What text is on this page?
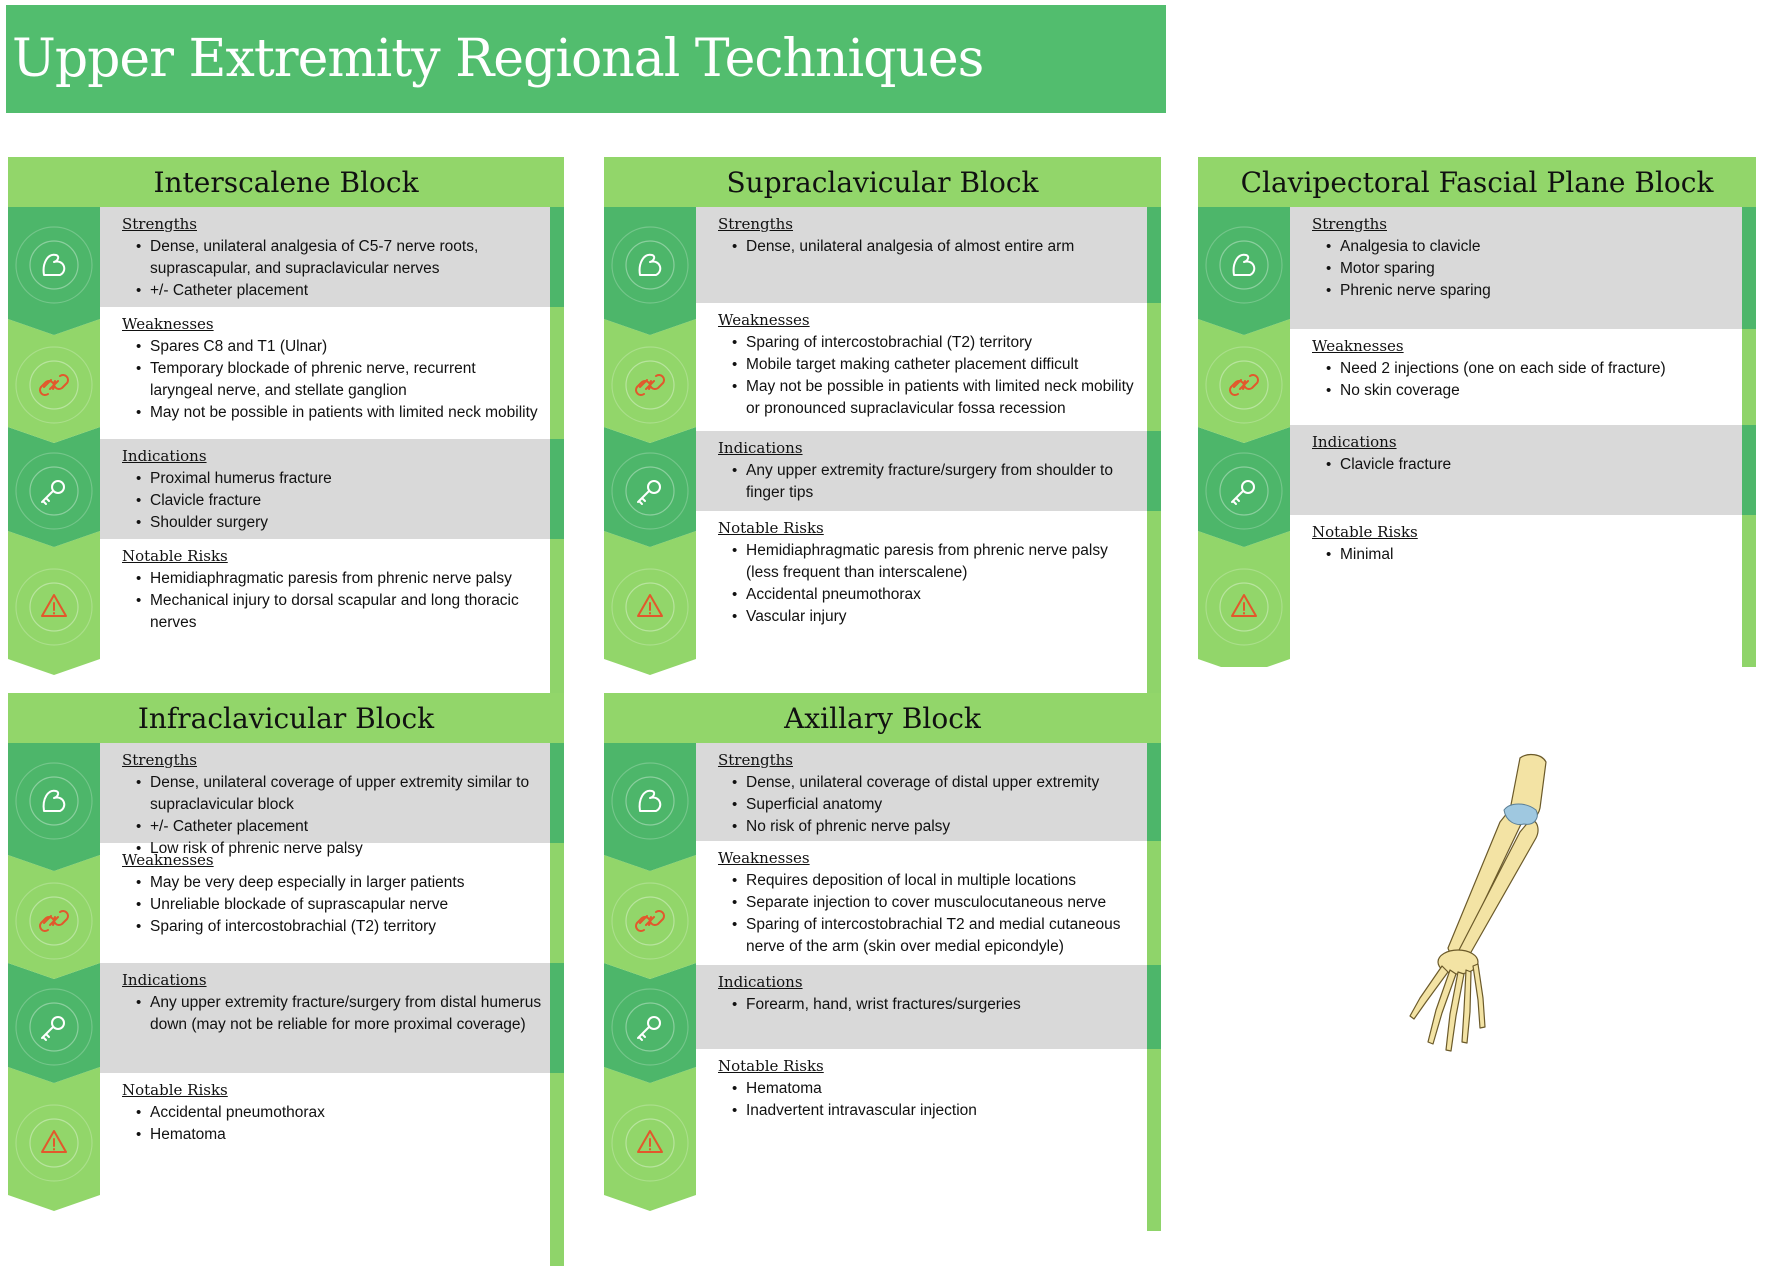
Upper Extremity Regional Techniques
Interscalene Block
Strengths
• Dense, unilateral analgesia of C5-7 nerve roots, suprascapular, and supraclavicular nerves
• +/- Catheter placement
Weaknesses
• Spares C8 and T1 (Ulnar)
• Temporary blockade of phrenic nerve, recurrent laryngeal nerve, and stellate ganglion
• May not be possible in patients with limited neck mobility
Indications
• Proximal humerus fracture
• Clavicle fracture
• Shoulder surgery
Notable Risks
• Hemidiaphragmatic paresis from phrenic nerve palsy
• Mechanical injury to dorsal scapular and long thoracic nerves
Supraclavicular Block
Strengths
• Dense, unilateral analgesia of almost entire arm
Weaknesses
• Sparing of intercostobrachial (T2) territory
• Mobile target making catheter placement difficult
• May not be possible in patients with limited neck mobility or pronounced supraclavicular fossa recession
Indications
• Any upper extremity fracture/surgery from shoulder to finger tips
Notable Risks
• Hemidiaphragmatic paresis from phrenic nerve palsy (less frequent than interscalene)
• Accidental pneumothorax
• Vascular injury
Clavipectoral Fascial Plane Block
Strengths
• Analgesia to clavicle
• Motor sparing
• Phrenic nerve sparing
Weaknesses
• Need 2 injections (one on each side of fracture)
• No skin coverage
Indications
• Clavicle fracture
Notable Risks
• Minimal
Infraclavicular Block
Strengths
• Dense, unilateral coverage of upper extremity similar to supraclavicular block
• +/- Catheter placement
• Low risk of phrenic nerve palsy
Weaknesses
• May be very deep especially in larger patients
• Unreliable blockade of suprascapular nerve
• Sparing of intercostobrachial (T2) territory
Indications
• Any upper extremity fracture/surgery from distal humerus down (may not be reliable for more proximal coverage)
Notable Risks
• Accidental pneumothorax
• Hematoma
Axillary Block
Strengths
• Dense, unilateral coverage of distal upper extremity
• Superficial anatomy
• No risk of phrenic nerve palsy
Weaknesses
• Requires deposition of local in multiple locations
• Separate injection to cover musculocutaneous nerve
• Sparing of intercostobrachial T2 and medial cutaneous nerve of the arm (skin over medial epicondyle)
Indications
• Forearm, hand, wrist fractures/surgeries
Notable Risks
• Hematoma
• Inadvertent intravascular injection
